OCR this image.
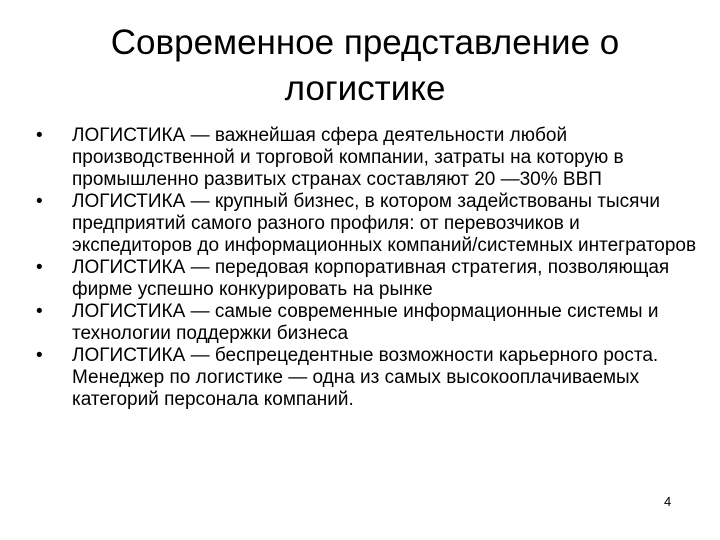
Современное представление о
логистике
•	ЛОГИСТИКА — важнейшая сфера деятельности любой производственной и торговой компании, затраты на которую в промышленно развитых странах составляют 20 —30% ВВП
•	ЛОГИСТИКА — крупный бизнес, в котором задействованы тысячи предприятий самого разного профиля: от перевозчиков и экспедиторов до информационных компаний/системных интеграторов
•	ЛОГИСТИКА — передовая корпоративная стратегия, позволяющая фирме успешно конкурировать на рынке
•	ЛОГИСТИКА — самые современные информационные системы и технологии поддержки бизнеса
•	ЛОГИСТИКА — беспрецедентные возможности карьерного роста. Менеджер по логистике — одна из самых высокооплачиваемых категорий персонала компаний.
4
